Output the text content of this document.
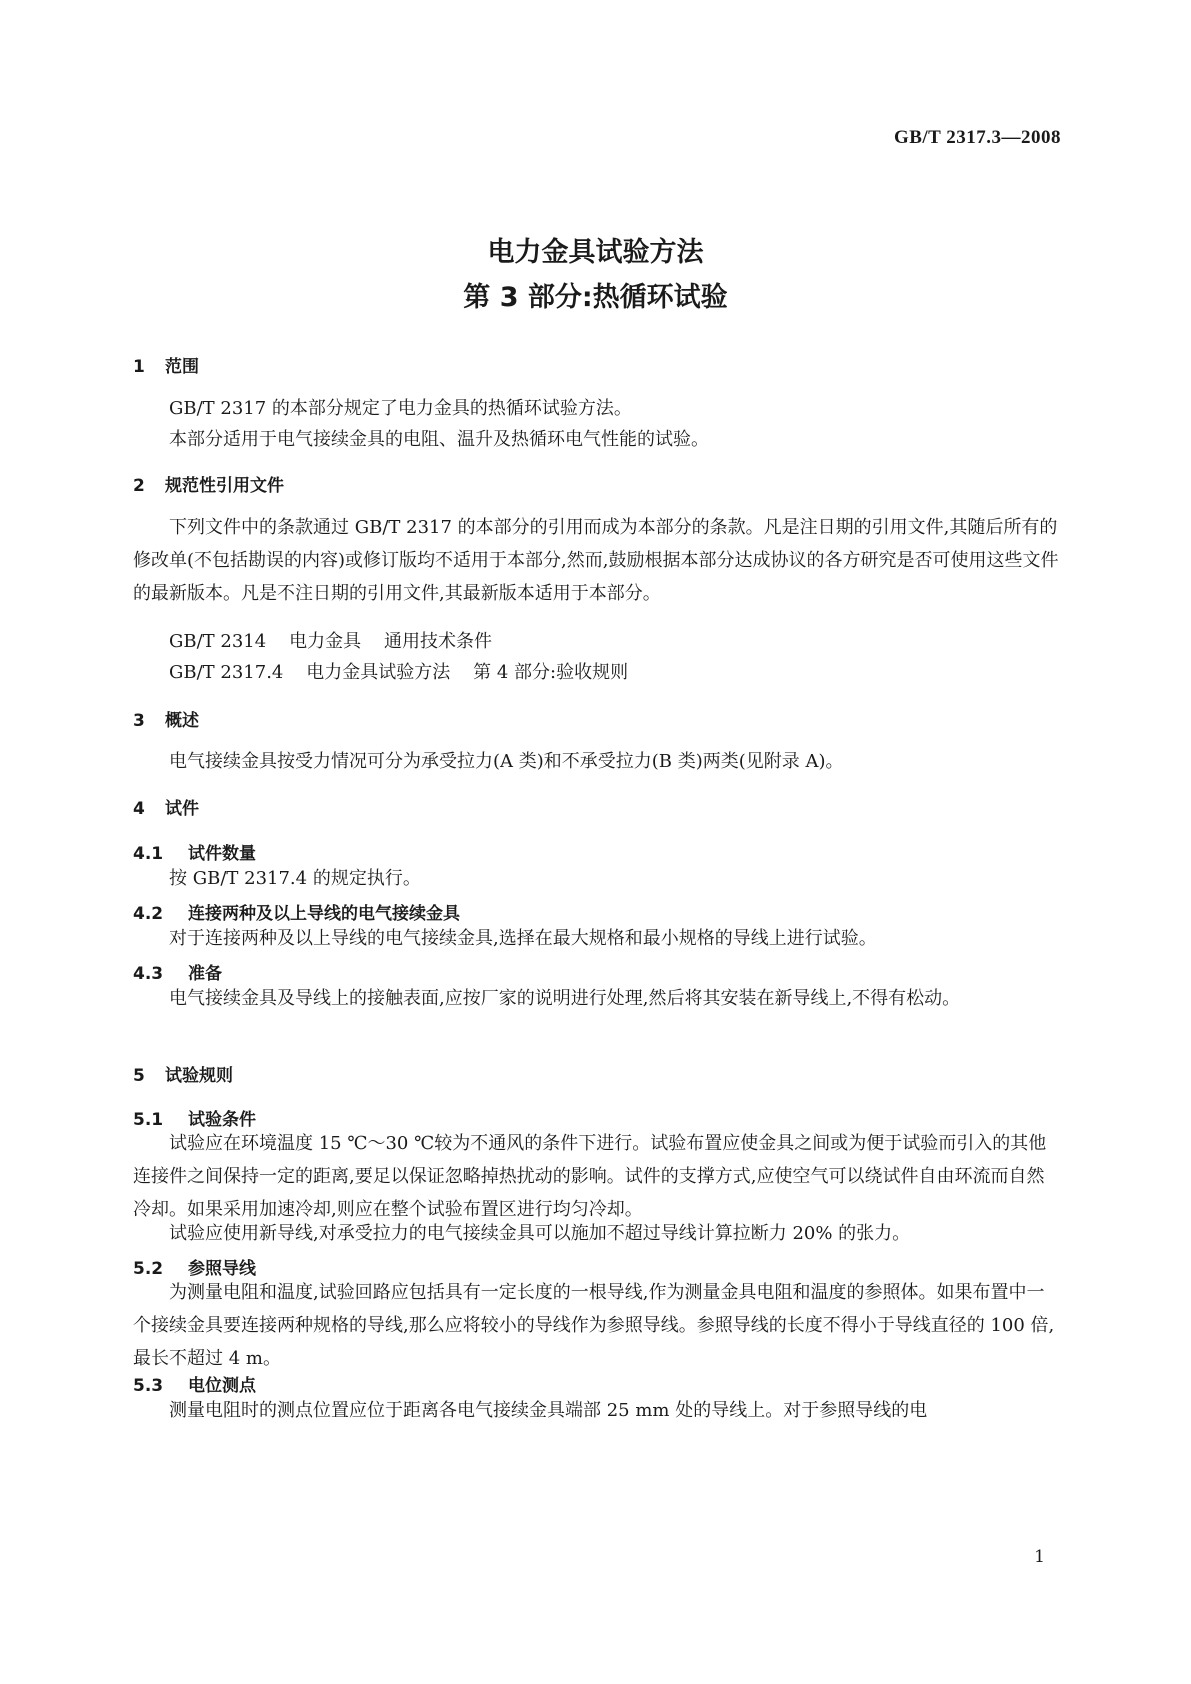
GB/T 2317.3—2008
电力金具试验方法
第 3 部分:热循环试验
1 范围
GB/T 2317 的本部分规定了电力金具的热循环试验方法。
本部分适用于电气接续金具的电阻、温升及热循环电气性能的试验。
2 规范性引用文件
下列文件中的条款通过 GB/T 2317 的本部分的引用而成为本部分的条款。凡是注日期的引用文件,其随后所有的修改单(不包括勘误的内容)或修订版均不适用于本部分,然而,鼓励根据本部分达成协议的各方研究是否可使用这些文件的最新版本。凡是不注日期的引用文件,其最新版本适用于本部分。
GB/T 2314    电力金具    通用技术条件
GB/T 2317.4    电力金具试验方法    第 4 部分:验收规则
3 概述
电气接续金具按受力情况可分为承受拉力(A 类)和不承受拉力(B 类)两类(见附录 A)。
4 试件
4.1 试件数量
按 GB/T 2317.4 的规定执行。
4.2 连接两种及以上导线的电气接续金具
对于连接两种及以上导线的电气接续金具,选择在最大规格和最小规格的导线上进行试验。
4.3 准备
电气接续金具及导线上的接触表面,应按厂家的说明进行处理,然后将其安装在新导线上,不得有松动。
5 试验规则
5.1 试验条件
试验应在环境温度 15 ℃～30 ℃较为不通风的条件下进行。试验布置应使金具之间或为便于试验而引入的其他连接件之间保持一定的距离,要足以保证忽略掉热扰动的影响。试件的支撑方式,应使空气可以绕试件自由环流而自然冷却。如果采用加速冷却,则应在整个试验布置区进行均匀冷却。
试验应使用新导线,对承受拉力的电气接续金具可以施加不超过导线计算拉断力 20% 的张力。
5.2 参照导线
为测量电阻和温度,试验回路应包括具有一定长度的一根导线,作为测量金具电阻和温度的参照体。如果布置中一个接续金具要连接两种规格的导线,那么应将较小的导线作为参照导线。参照导线的长度不得小于导线直径的 100 倍,最长不超过 4 m。
5.3 电位测点
测量电阻时的测点位置应位于距离各电气接续金具端部 25 mm 处的导线上。对于参照导线的电
1
